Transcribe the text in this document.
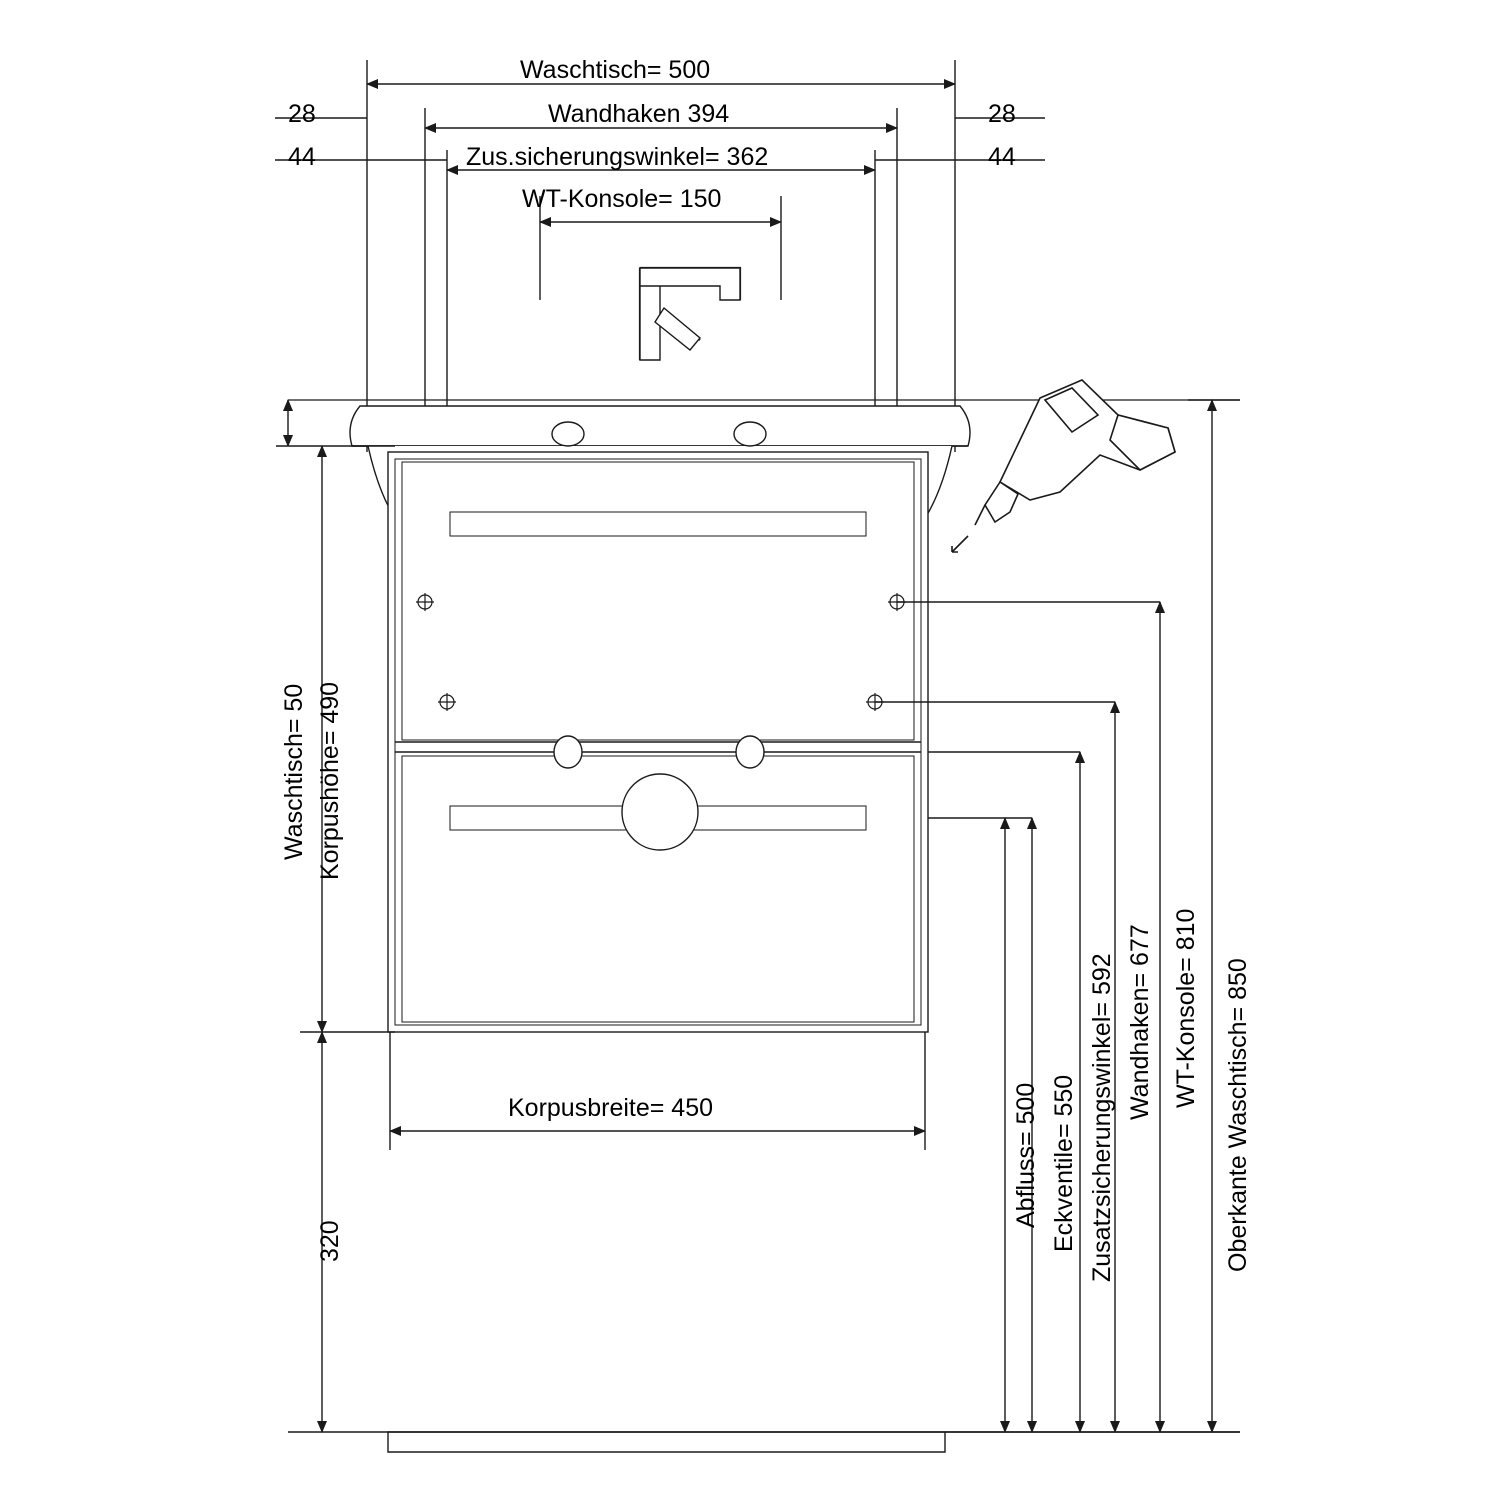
Waschtisch= 500
Wandhaken 394
Zus.sicherungswinkel= 362
WT-Konsole= 150
28	28
44	44
Korpusbreite= 450
Waschtisch= 50 Korpushöhe= 490
320
Abfluss= 500 Eckventile= 550 Zusatzsicherungswinkel= 592 Wandhaken= 677 WT-Konsole= 810 Oberkante Waschtisch= 850
